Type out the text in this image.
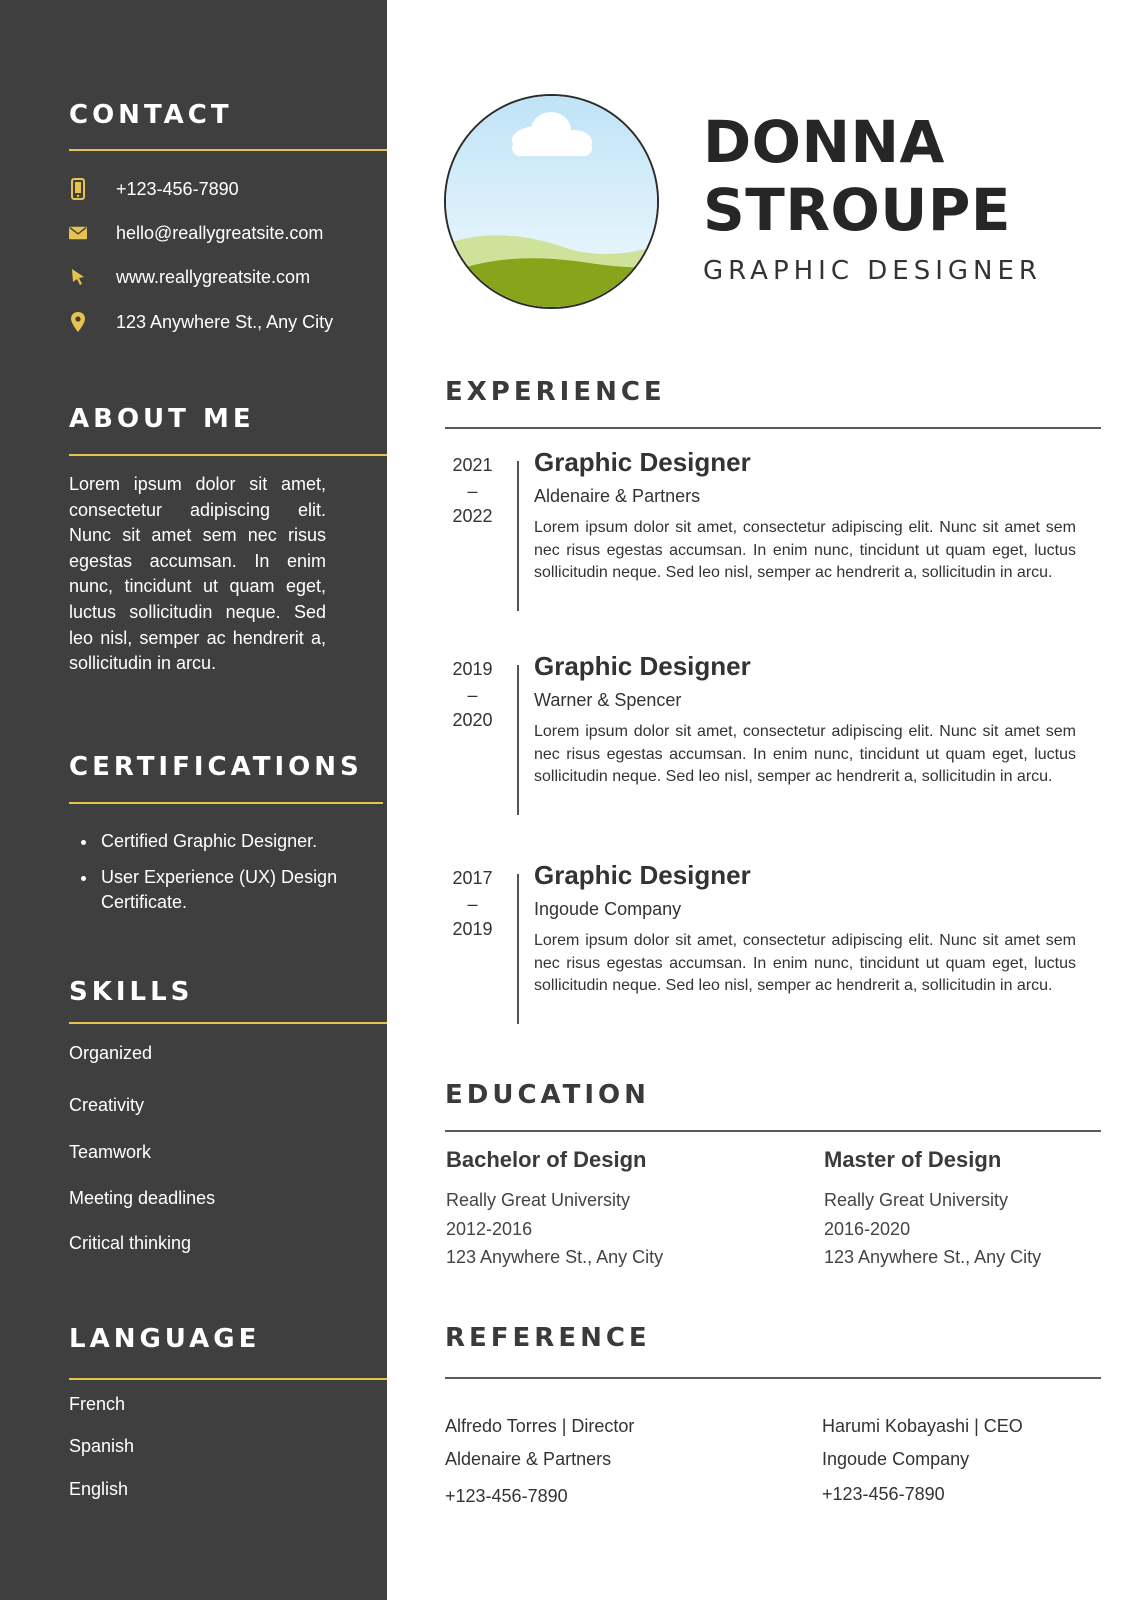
CONTACT
+123-456-7890
hello@reallygreatsite.com
www.reallygreatsite.com
123 Anywhere St., Any City
ABOUT ME

Lorem ipsum dolor sit amet, consectetur adipiscing elit. Nunc sit amet sem nec risus egestas accumsan. In enim nunc, tincidunt ut quam eget, luctus sollicitudin neque. Sed leo nisl, semper ac hendrerit a, sollicitudin in arcu.

CERTIFICATIONS
Certified Graphic Designer.
User Experience (UX) Design Certificate.
SKILLS
Organized
Creativity
Teamwork
Meeting deadlines
Critical thinking
LANGUAGE
French
Spanish
English
DONNA
STROUPE
GRAPHIC DESIGNER
EXPERIENCE
2021
–
2022
Graphic Designer
Aldenaire & Partners

Lorem ipsum dolor sit amet, consectetur adipiscing elit. Nunc sit amet sem nec risus egestas accumsan. In enim nunc, tincidunt ut quam eget, luctus sollicitudin neque. Sed leo nisl, semper ac hendrerit a, sollicitudin in arcu.

2019
–
2020
Graphic Designer
Warner & Spencer

Lorem ipsum dolor sit amet, consectetur adipiscing elit. Nunc sit amet sem nec risus egestas accumsan. In enim nunc, tincidunt ut quam eget, luctus sollicitudin neque. Sed leo nisl, semper ac hendrerit a, sollicitudin in arcu.

2017
–
2019
Graphic Designer
Ingoude Company

Lorem ipsum dolor sit amet, consectetur adipiscing elit. Nunc sit amet sem nec risus egestas accumsan. In enim nunc, tincidunt ut quam eget, luctus sollicitudin neque. Sed leo nisl, semper ac hendrerit a, sollicitudin in arcu.

EDUCATION
Bachelor of Design
Really Great University
2012-2016
123 Anywhere St., Any City
Master of Design
Really Great University
2016-2020
123 Anywhere St., Any City
REFERENCE
Alfredo Torres | Director
Aldenaire & Partners
+123-456-7890
Harumi Kobayashi | CEO
Ingoude Company
+123-456-7890
